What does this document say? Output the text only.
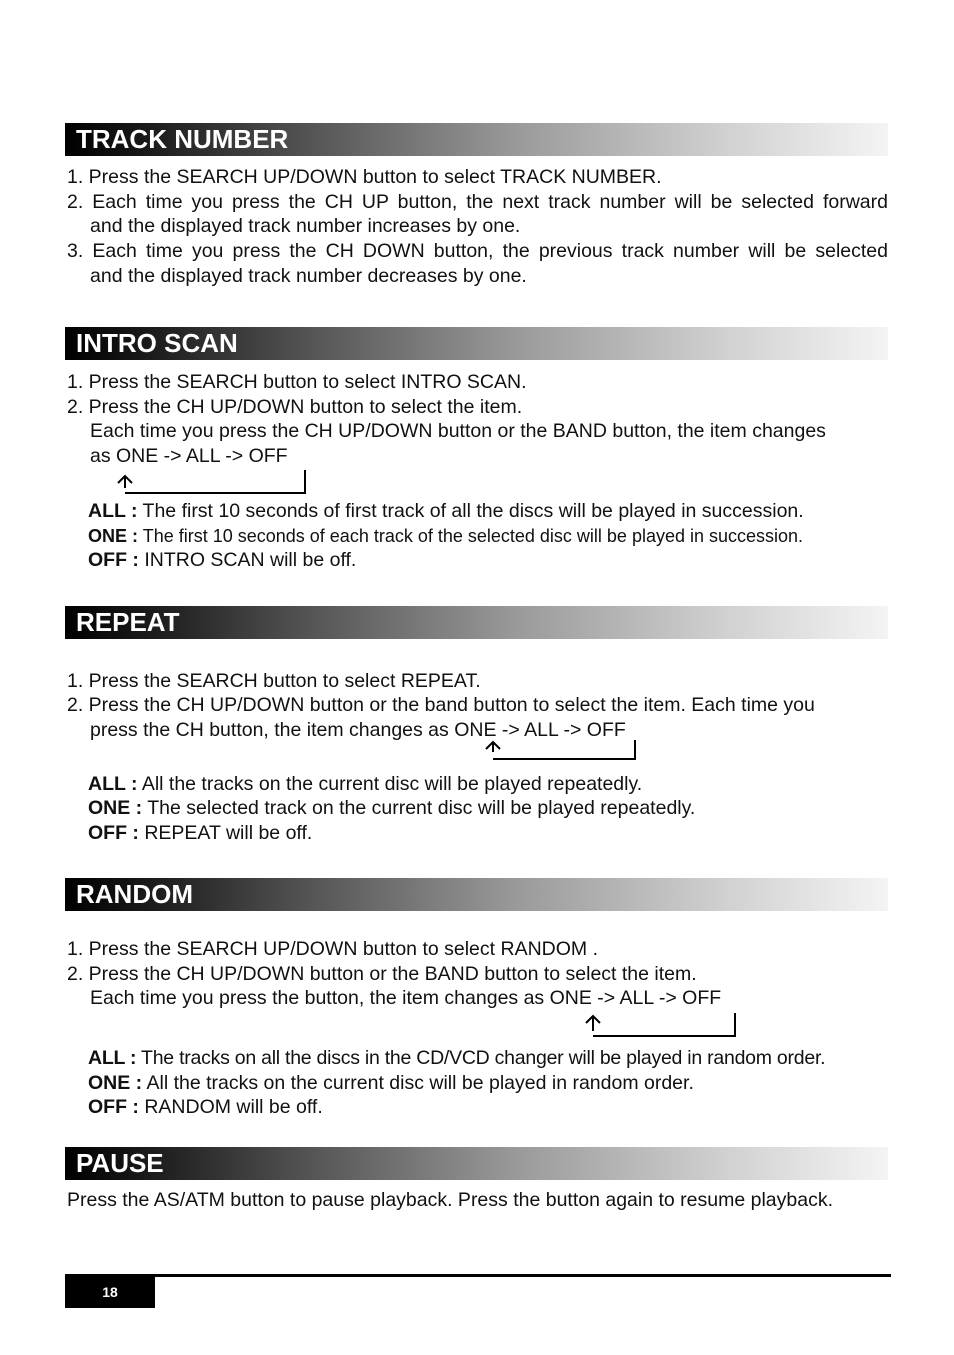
TRACK NUMBER
1. Press the SEARCH UP/DOWN button to select TRACK NUMBER.
2. Each time you press the CH UP button, the next track number will be selected forward
and the displayed track number increases by one.
3. Each time you press the CH DOWN button, the previous track number will be selected
and the displayed track number decreases by one.
INTRO SCAN
1. Press the SEARCH button to select INTRO SCAN.
2. Press the CH UP/DOWN button to select the item.
Each time you press the CH UP/DOWN button or the BAND button, the item changes
as ONE -> ALL -> OFF
ALL : The first 10 seconds of first track of all the discs will be played in succession.
ONE : The first 10 seconds of each track of the selected disc will be played in succession.
OFF : INTRO SCAN will be off.
REPEAT
1. Press the SEARCH button to select REPEAT.
2. Press the CH UP/DOWN button or the band button to select the item. Each time you
press the CH button, the item changes as ONE -> ALL -> OFF
ALL : All the tracks on the current disc will be played repeatedly.
ONE : The selected track on the current disc will be played repeatedly.
OFF : REPEAT will be off.
RANDOM
1. Press the SEARCH UP/DOWN button to select RANDOM .
2. Press the CH UP/DOWN button or the BAND button to select the item.
Each time you press the button, the item changes as ONE -> ALL -> OFF
ALL : The tracks on all the discs in the CD/VCD changer will be played in random order.
ONE : All the tracks on the current disc will be played in random order.
OFF : RANDOM will be off.
PAUSE
Press the AS/ATM button to pause playback. Press the button again to resume playback.
18
